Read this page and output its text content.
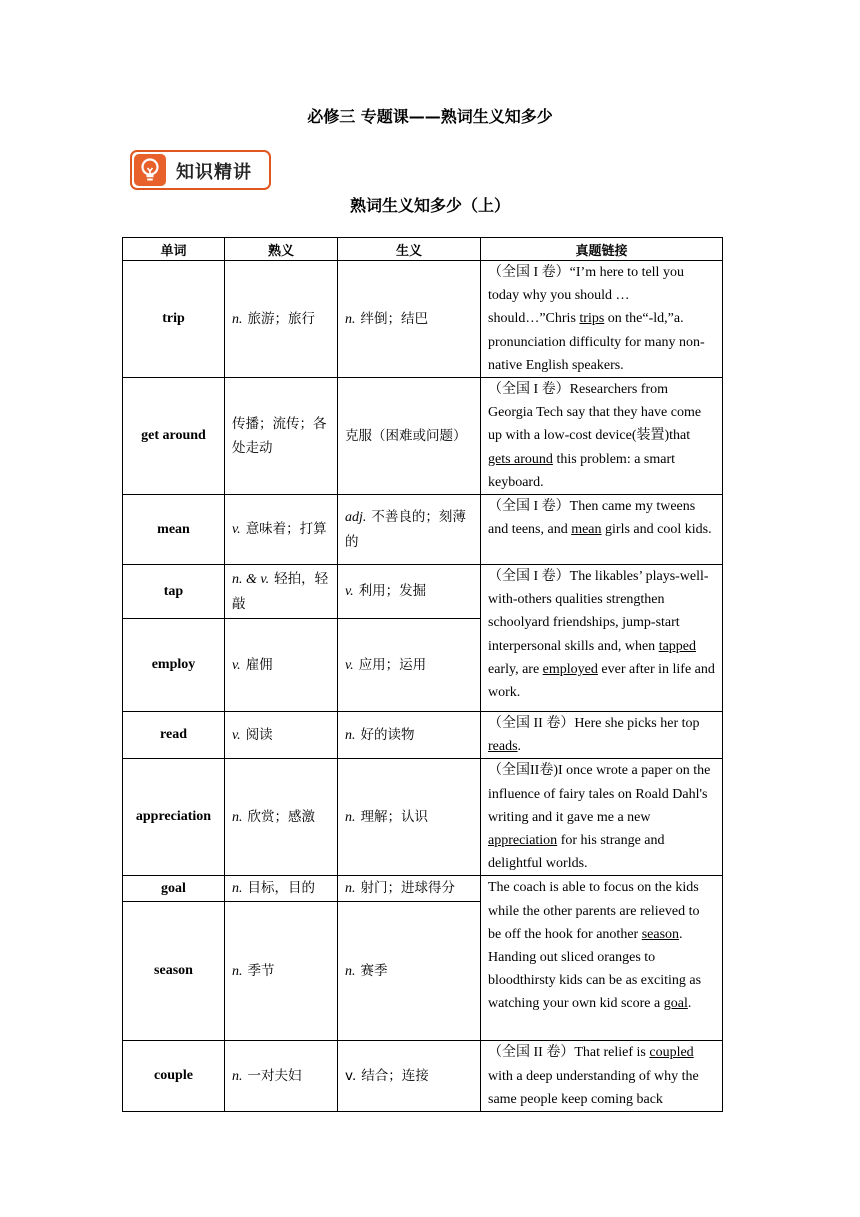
必修三 专题课——熟词生义知多少
知识精讲
熟词生义知多少（上）
单词	熟义	生义	真题链接
trip	n. 旅游；旅行	n. 绊倒；结巴	（全国 I 卷）“I’m here to tell you today why you should …should…”Chris trips on the“-ld,”a. pronunciation difficulty for many non-native English speakers.
get around	传播；流传；各处走动	克服（困难或问题）	（全国 I 卷）Researchers from Georgia Tech say that they have come up with a low-cost device(装置)that gets around this problem: a smart keyboard.
mean	v. 意味着；打算	adj. 不善良的；刻薄的	（全国 I 卷）Then came my tweens and teens, and mean girls and cool kids.
tap	n. & v. 轻拍，轻敲	v. 利用；发掘	（全国 I 卷）The likables’ plays-well-with-others qualities strengthen schoolyard friendships, jump-start interpersonal skills and, when tapped early, are employed ever after in life and work.
employ	v. 雇佣	v. 应用；运用	
read	v. 阅读	n. 好的读物	（全国 II 卷）Here she picks her top reads.
appreciation	n. 欣赏；感激	n. 理解；认识	（全国II卷)I once wrote a paper on the influence of fairy tales on Roald Dahl's writing and it gave me a new appreciation for his strange and delightful worlds.
goal	n. 目标，目的	n. 射门；进球得分	The coach is able to focus on the kids while the other parents are relieved to be off the hook for another season. Handing out sliced oranges to bloodthirsty kids can be as exciting as watching your own kid score a goal.
season	n. 季节	n. 赛季	
couple	n. 一对夫妇	v. 结合；连接	（全国 II 卷）That relief is coupled with a deep understanding of why the same people keep coming back
